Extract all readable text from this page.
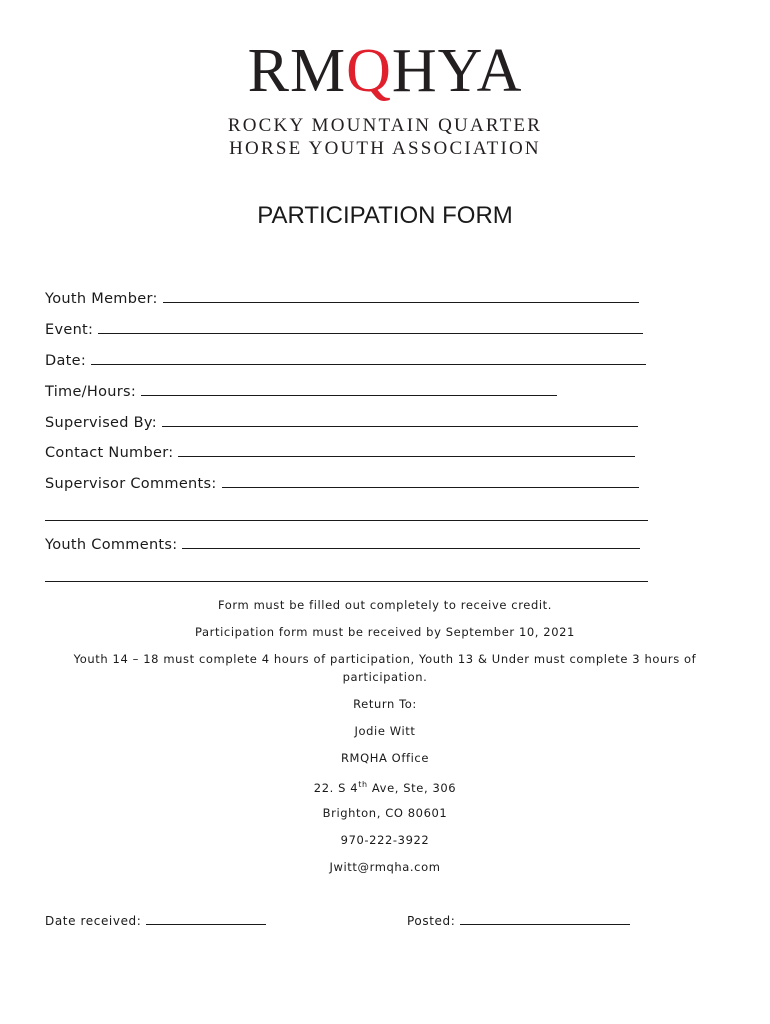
RMQHYA
ROCKY MOUNTAIN QUARTER
HORSE YOUTH ASSOCIATION
PARTICIPATION FORM
Youth Member:
Event:
Date:
Time/Hours:
Supervised By:
Contact Number:
Supervisor Comments:
Youth Comments:
Form must be filled out completely to receive credit.
Participation form must be received by September 10, 2021
Youth 14 – 18 must complete 4 hours of participation, Youth 13 & Under must complete 3 hours of participation.
Return To:
Jodie Witt
RMQHA Office
22. S 4th Ave, Ste, 306
Brighton, CO 80601
970-222-3922
Jwitt@rmqha.com
Date received:	Posted:
